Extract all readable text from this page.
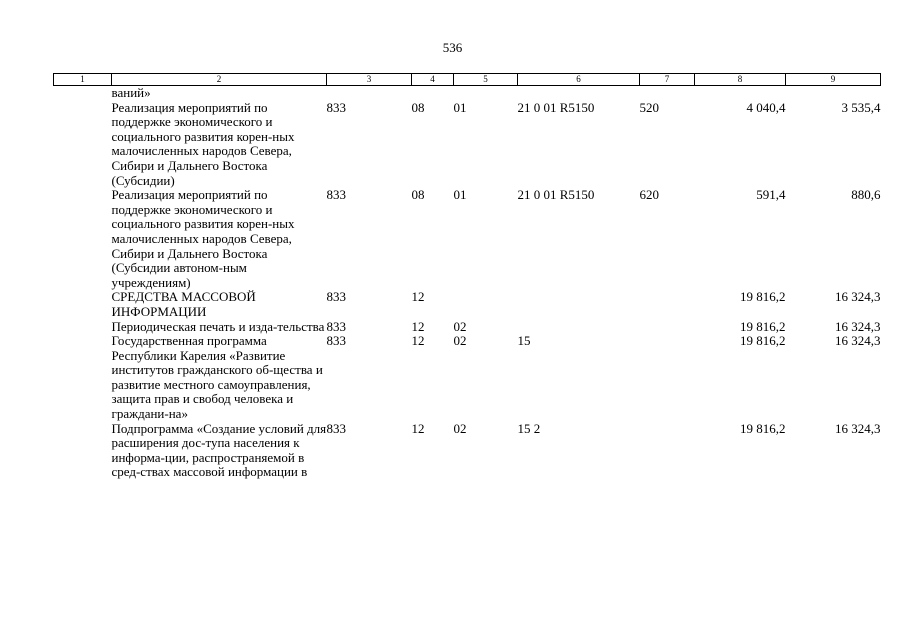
536
1	2	3	4	5	6	7	8	9
	ваний»							
	Реализация мероприятий по поддержке экономического и социального развития корен-ных малочисленных народов Севера, Сибири и Дальнего Востока (Субсидии)	833	08	01	21 0 01 R5150	520	4 040,4	3 535,4
	Реализация мероприятий по поддержке экономического и социального развития корен-ных малочисленных народов Севера, Сибири и Дальнего Востока (Субсидии автоном-ным учреждениям)	833	08	01	21 0 01 R5150	620	591,4	880,6
	СРЕДСТВА МАССОВОЙ ИНФОРМАЦИИ	833	12				19 816,2	16 324,3
	Периодическая печать и изда-тельства	833	12	02			19 816,2	16 324,3
	Государственная программа Республики Карелия «Развитие институтов гражданского об-щества и развитие местного самоуправления, защита прав и свобод человека и граждани-на»	833	12	02	15		19 816,2	16 324,3
	Подпрограмма «Создание условий для расширения дос-тупа населения к информа-ции, распространяемой в сред-ствах массовой информации в	833	12	02	15 2		19 816,2	16 324,3
